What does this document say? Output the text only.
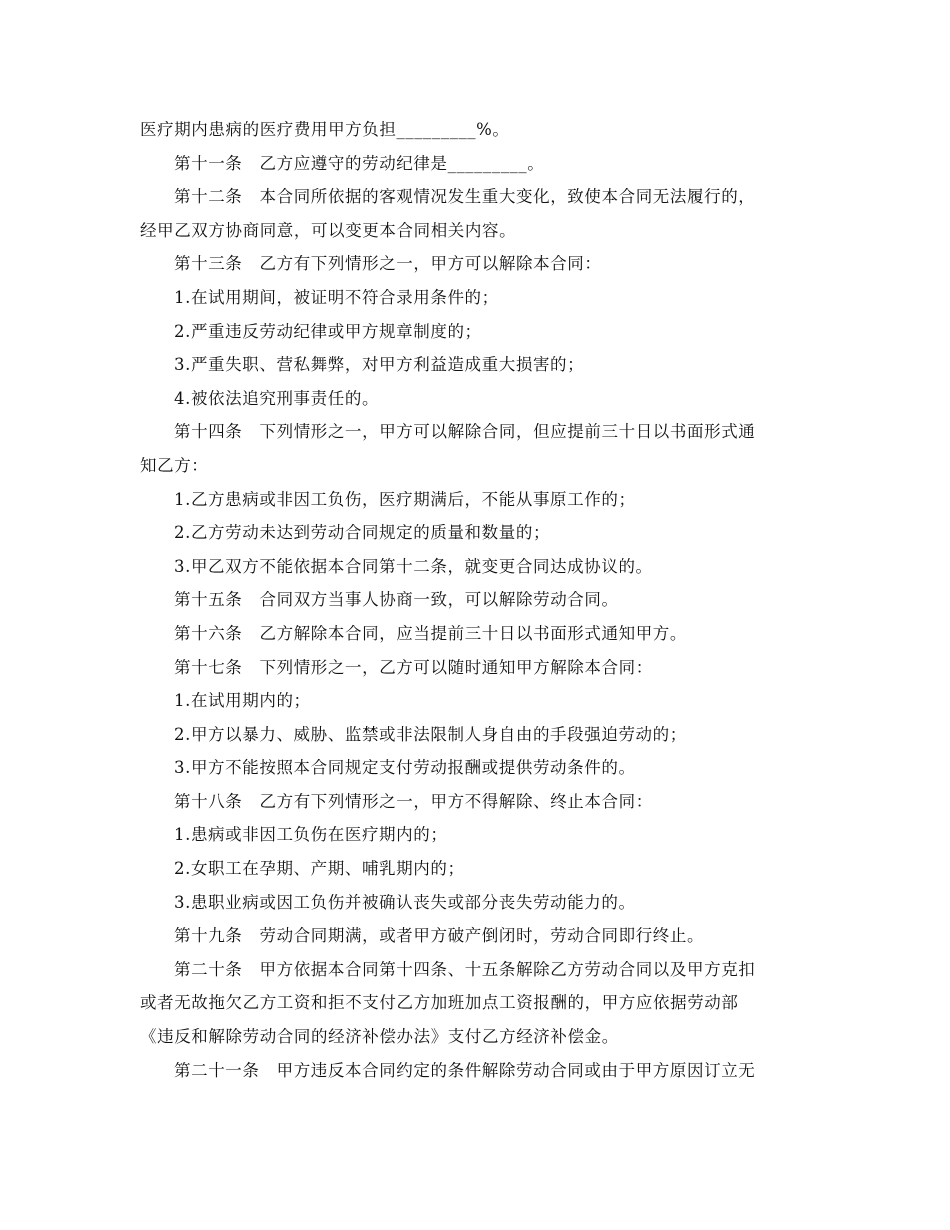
医疗期内患病的医疗费用甲方负担_________%。
第十一条　乙方应遵守的劳动纪律是_________。
第十二条　本合同所依据的客观情况发生重大变化，致使本合同无法履行的，
经甲乙双方协商同意，可以变更本合同相关内容。
第十三条　乙方有下列情形之一，甲方可以解除本合同：
1.在试用期间，被证明不符合录用条件的；
2.严重违反劳动纪律或甲方规章制度的；
3.严重失职、营私舞弊，对甲方利益造成重大损害的；
4.被依法追究刑事责任的。
第十四条　下列情形之一，甲方可以解除合同，但应提前三十日以书面形式通
知乙方：
1.乙方患病或非因工负伤，医疗期满后，不能从事原工作的；
2.乙方劳动未达到劳动合同规定的质量和数量的；
3.甲乙双方不能依据本合同第十二条，就变更合同达成协议的。
第十五条　合同双方当事人协商一致，可以解除劳动合同。
第十六条　乙方解除本合同，应当提前三十日以书面形式通知甲方。
第十七条　下列情形之一，乙方可以随时通知甲方解除本合同：
1.在试用期内的；
2.甲方以暴力、威胁、监禁或非法限制人身自由的手段强迫劳动的；
3.甲方不能按照本合同规定支付劳动报酬或提供劳动条件的。
第十八条　乙方有下列情形之一，甲方不得解除、终止本合同：
1.患病或非因工负伤在医疗期内的；
2.女职工在孕期、产期、哺乳期内的；
3.患职业病或因工负伤并被确认丧失或部分丧失劳动能力的。
第十九条　劳动合同期满，或者甲方破产倒闭时，劳动合同即行终止。
第二十条　甲方依据本合同第十四条、十五条解除乙方劳动合同以及甲方克扣
或者无故拖欠乙方工资和拒不支付乙方加班加点工资报酬的，甲方应依据劳动部
《违反和解除劳动合同的经济补偿办法》支付乙方经济补偿金。
第二十一条　甲方违反本合同约定的条件解除劳动合同或由于甲方原因订立无
